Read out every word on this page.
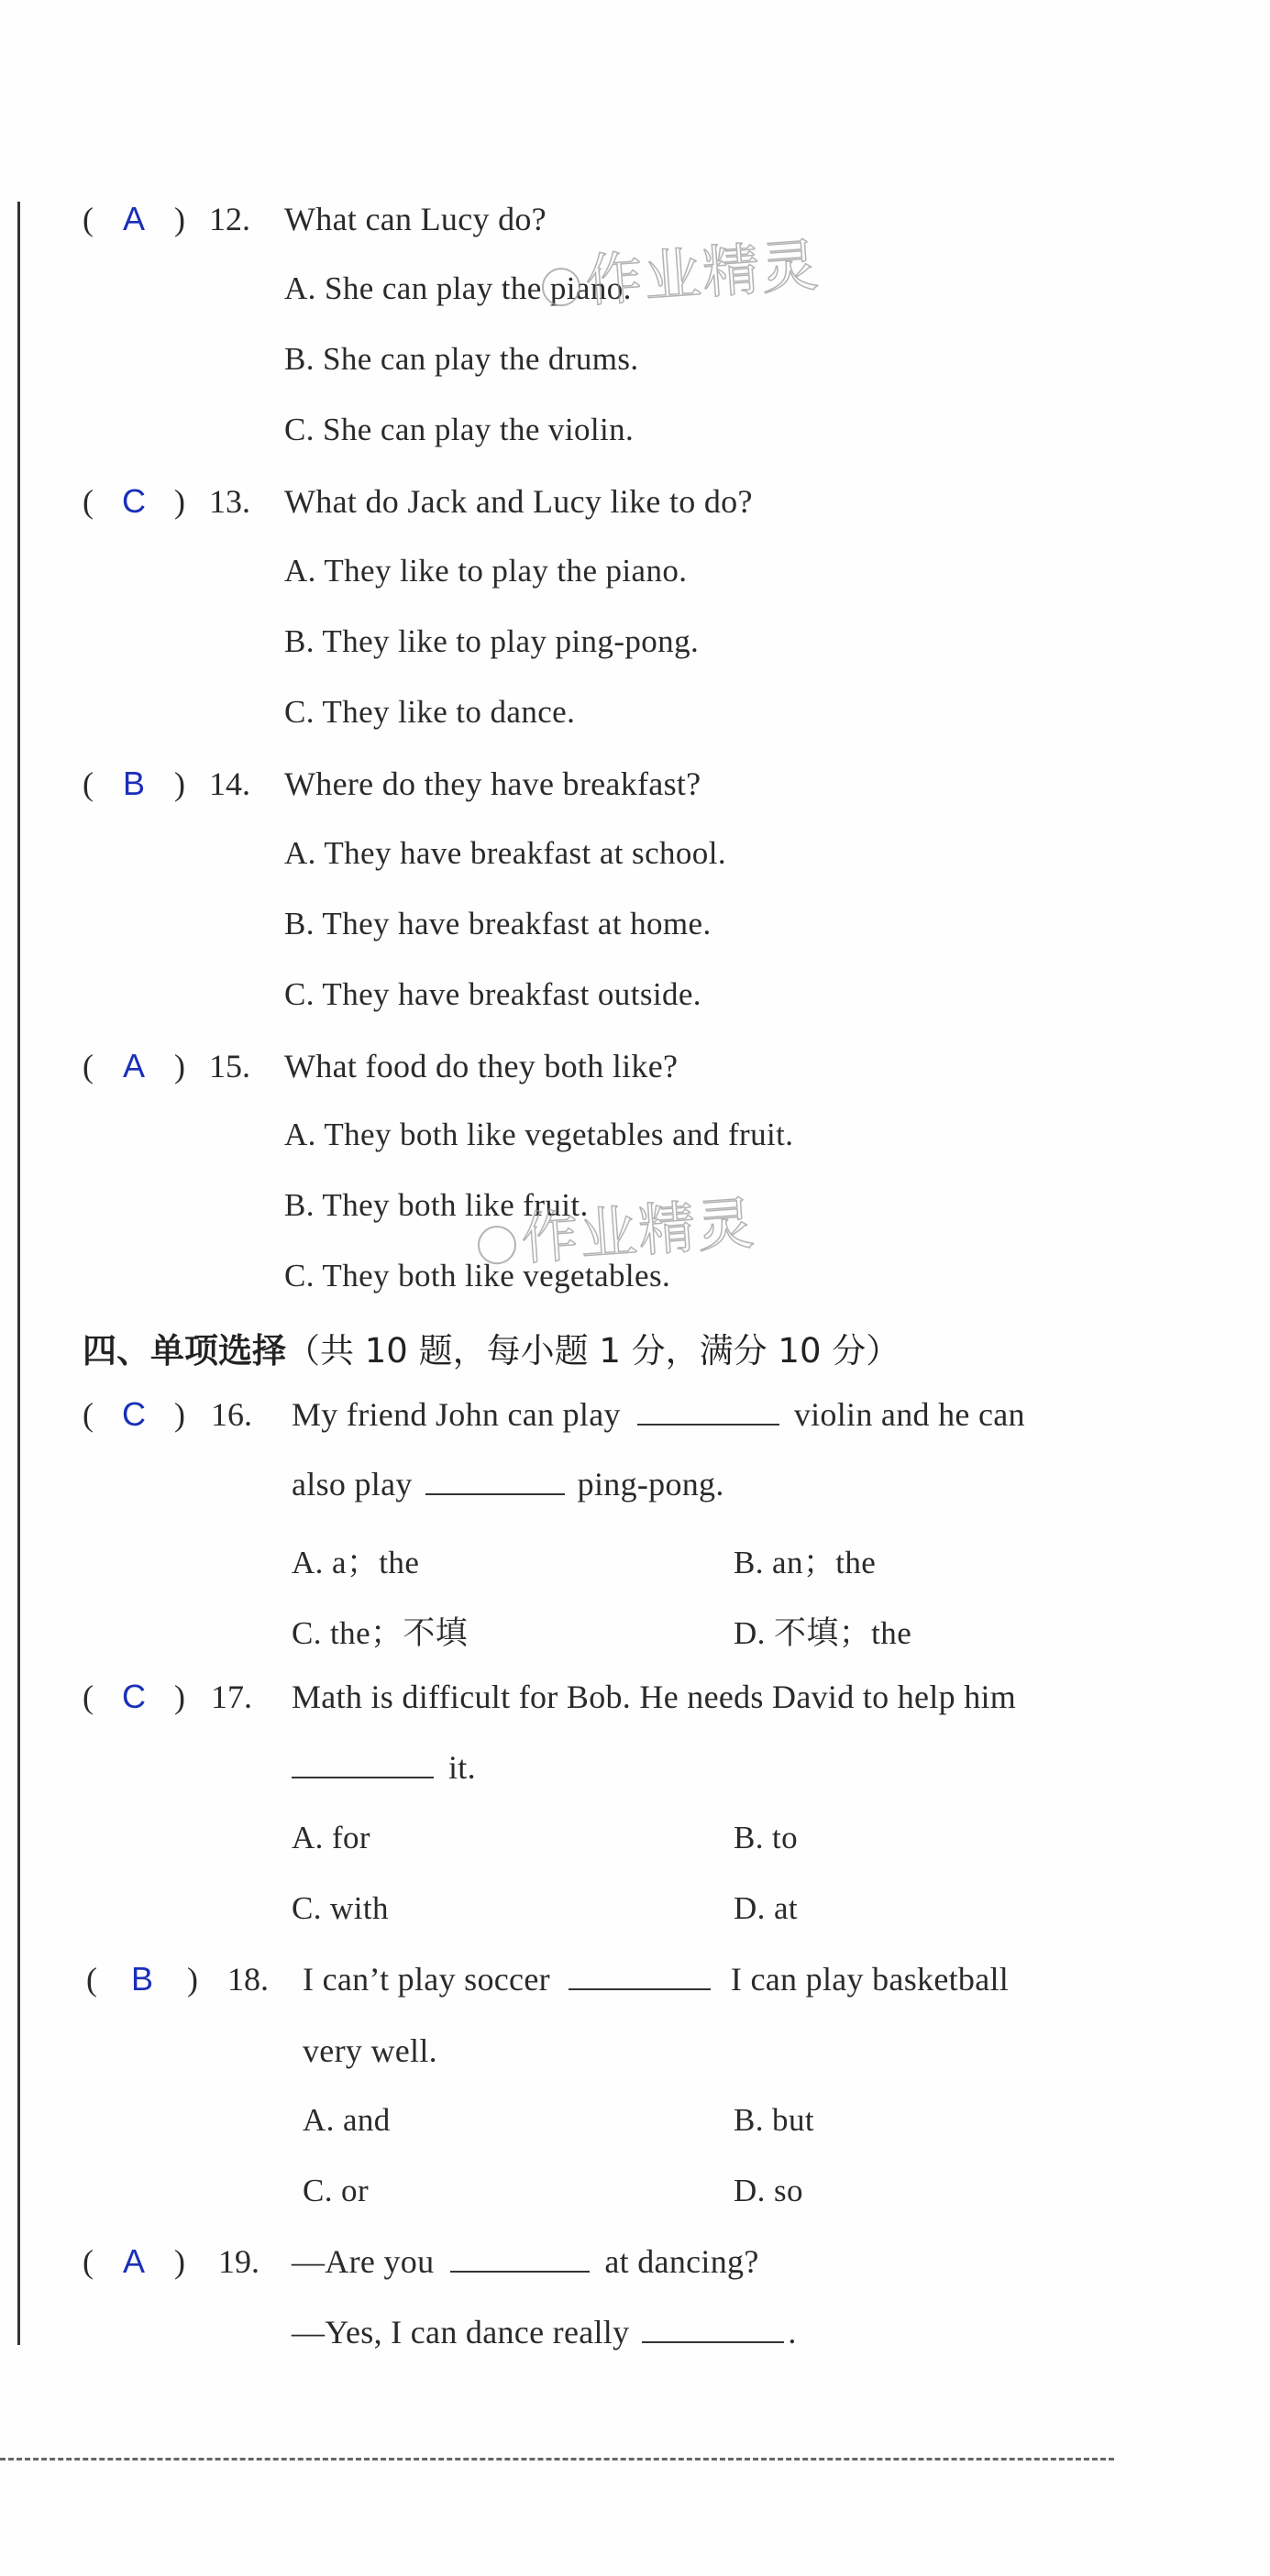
( A ) 12. What can Lucy do?
A. She can play the piano.
B. She can play the drums.
C. She can play the violin.
( C ) 13. What do Jack and Lucy like to do?
A. They like to play the piano.
B. They like to play ping-pong.
C. They like to dance.
( B ) 14. Where do they have breakfast?
A. They have breakfast at school.
B. They have breakfast at home.
C. They have breakfast outside.
( A ) 15. What food do they both like?
A. They both like vegetables and fruit.
B. They both like fruit.
C. They both like vegetables.
四、单项选择（共 10 题，每小题 1 分，满分 10 分）
( C ) 16. My friend John can play	violin and he can
also play	ping-pong.
A. a；the	B. an；the
C. the；不填	D. 不填；the
( C ) 17. Math is difficult for Bob. He needs David to help him
it.
A. for	B. to
C. with	D. at
( B ) 18. I can’t play soccer	I can play basketball
very well.
A. and	B. but
C. or	D. so
( A ) 19. —Are you	at dancing?
—Yes, I can dance really	.
作业精灵
作业精灵
